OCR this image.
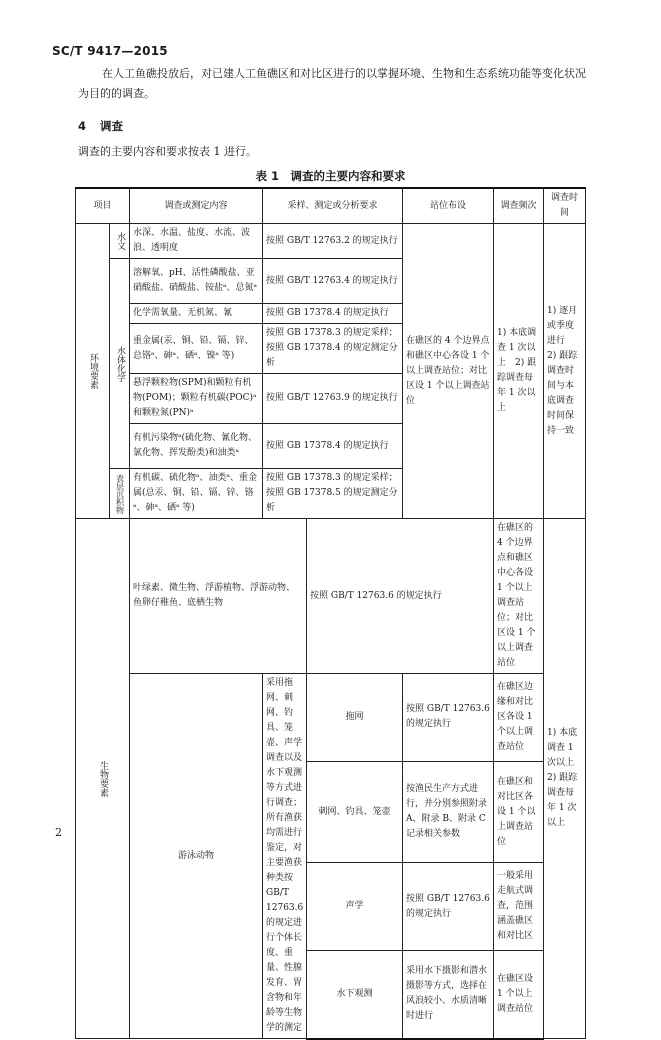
SC/T 9417—2015
在人工鱼礁投放后，对已建人工鱼礁区和对比区进行的以掌握环境、生物和生态系统功能等变化状况为目的的调查。
4 调查
调查的主要内容和要求按表 1 进行。
表 1　调查的主要内容和要求
项目		调查或测定内容	采样、测定或分析要求		站位布设	调查频次	调查时间	

环境要素	水文	水深、水温、盐度、水流、波浪、透明度	按照 GB/T 12763.2 的规定执行		在礁区的 4 个边界点和礁区中心各设 1 个以上调查站位；对比区设 1 个以上调查站位	1) 本底调查 1 次以上　2) 跟踪调查每年 1 次以上	1) 逐月或季度进行　2) 跟踪调查时间与本底调查时间保持一致	

	水体化学	溶解氧、pH、活性磷酸盐、亚硝酸盐、硝酸盐、铵盐ᵃ、总氮ᵃ	按照 GB/T 12763.4 的规定执行					
		化学需氧量、无机氮、氰	按照 GB 17378.4 的规定执行					
		重金属(汞、铜、铅、镉、锌、总铬ᵃ、砷ᵃ、硒ᵃ、镍ᵃ 等)	按照 GB 17378.3 的规定采样；按照 GB 17378.4 的规定测定分析					
		悬浮颗粒物(SPM)和颗粒有机物(POM)；颗粒有机碳(POC)ᵃ 和颗粒氮(PN)ᵃ	按照 GB/T 12763.9 的规定执行					
		有机污染物ᵃ(硫化物、氰化物、氯化物、挥发酚类)和油类ᵃ	按照 GB 17378.4 的规定执行					

	表层沉积物	有机碳、硫化物ᵃ、油类ᵃ、重金属(总汞、铜、铅、镉、锌、铬ᵃ、砷ᵃ、硒ᵃ 等)	按照 GB 17378.3 的规定采样；按照 GB 17378.5 的规定测定分析					

生物要素		叶绿素、微生物、浮游植物、浮游动物、鱼卵仔稚鱼、底栖生物		按照 GB/T 12763.6 的规定执行		在礁区的 4 个边界点和礁区中心各设 1 个以上调查站位；对比区设 1 个以上调查站位	1) 本底调查 1 次以上　2) 跟踪调查每年 1 次以上	
		游泳动物	采用拖网、刺网、钓具、笼壶、声学调查以及水下观测等方式进行调查；所有渔获均需进行鉴定，对主要渔获种类按 GB/T 12763.6 的规定进行个体长度、重量、性腺发育、胃含物和年龄等生物学的测定	拖网	按照 GB/T 12763.6 的规定执行	在礁区边缘和对比区各设 1 个以上调查站位		
				刺网、钓具、笼壶	按渔民生产方式进行，并分别参照附录 A、附录 B、附录 C 记录相关参数	在礁区和对比区各设 1 个以上调查站位		
				声学	按照 GB/T 12763.6 的规定执行	一般采用走航式调查，范围涵盖礁区和对比区		
				水下观测	采用水下摄影和潜水摄影等方式，选择在风浪较小、水质清晰时进行	在礁区设 1 个以上调查站位		
2
